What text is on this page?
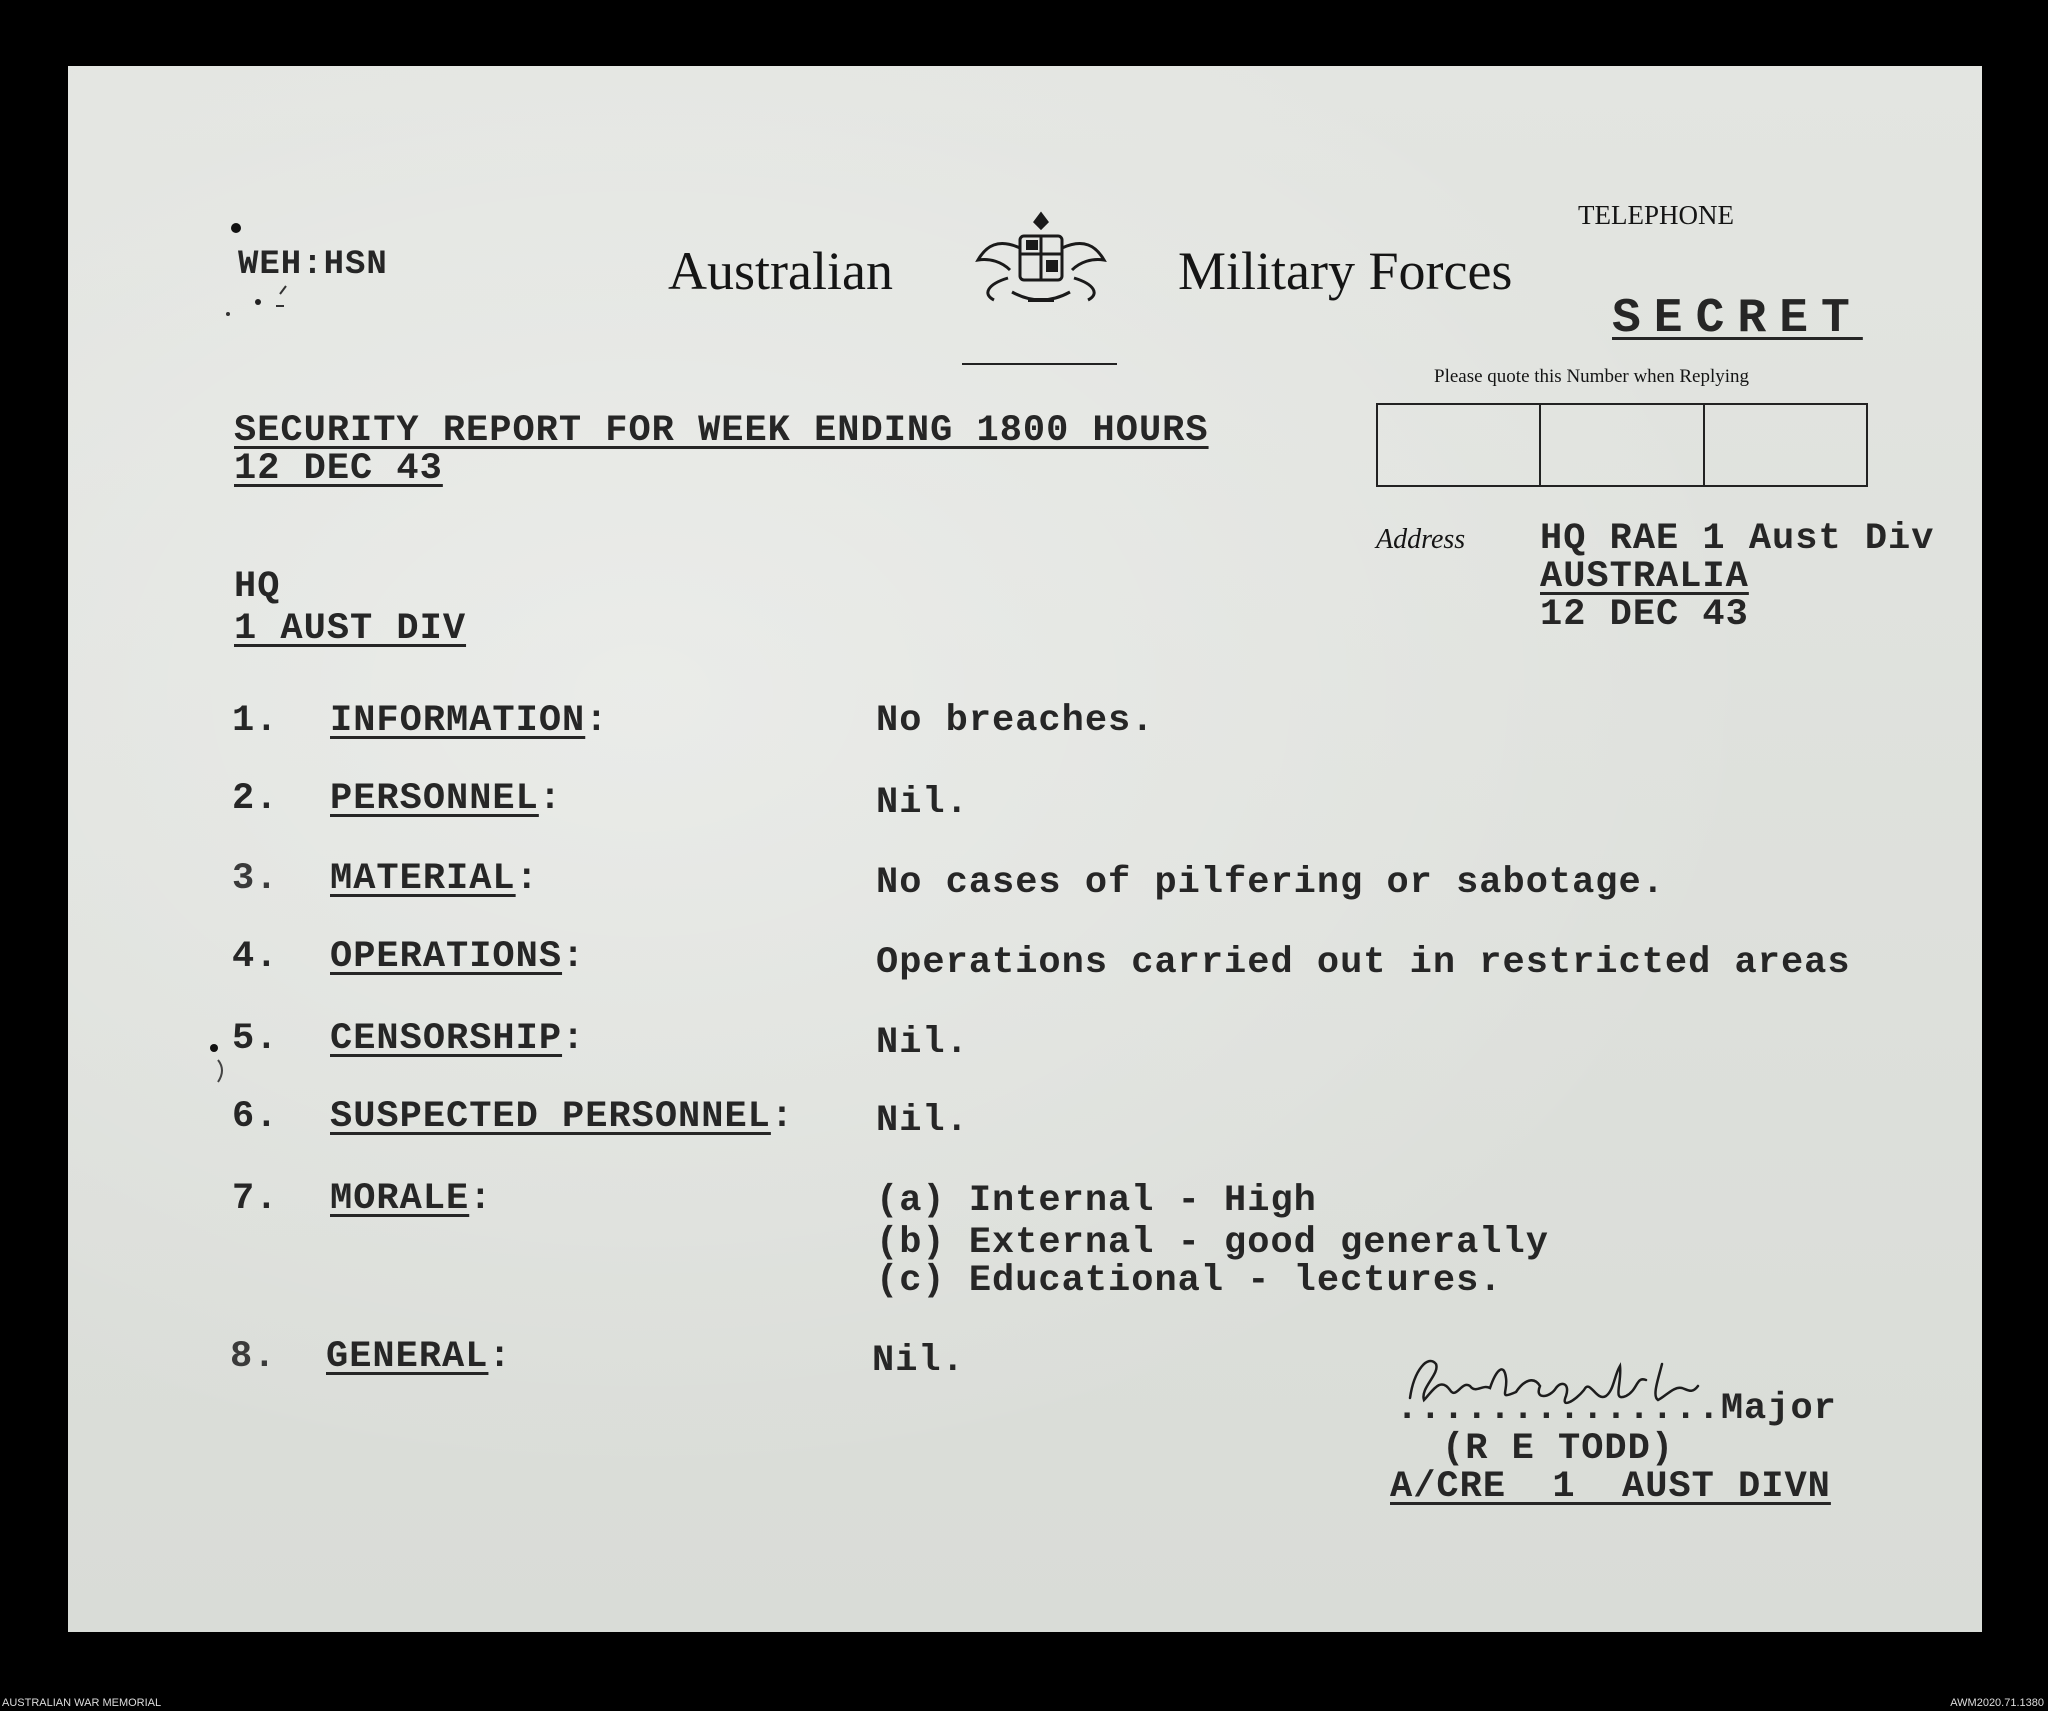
WEH:HSN	Australian	Military Forces
TELEPHONE
SECRET
Please quote this Number when Replying
Address HQ RAE 1 Aust Div
AUSTRALIA
12 DEC 43
SECURITY REPORT FOR WEEK ENDING 1800 HOURS
12 DEC 43
HQ
1 AUST DIV
1. INFORMATION:	No breaches.
2. PERSONNEL:	Nil.
3. MATERIAL:	No cases of pilfering or sabotage.
4. OPERATIONS:	Operations carried out in restricted areas
5. CENSORSHIP:	Nil.
6. SUSPECTED PERSONNEL: Nil.
7. MORALE:	(a) Internal - High
(b) External - good generally
(c) Educational - lectures.
8. GENERAL:	Nil.
..............Major
(R E TODD)
A/CRE  1  AUST DIVN
AUSTRALIAN WAR MEMORIAL	AWM2020.71.1380
